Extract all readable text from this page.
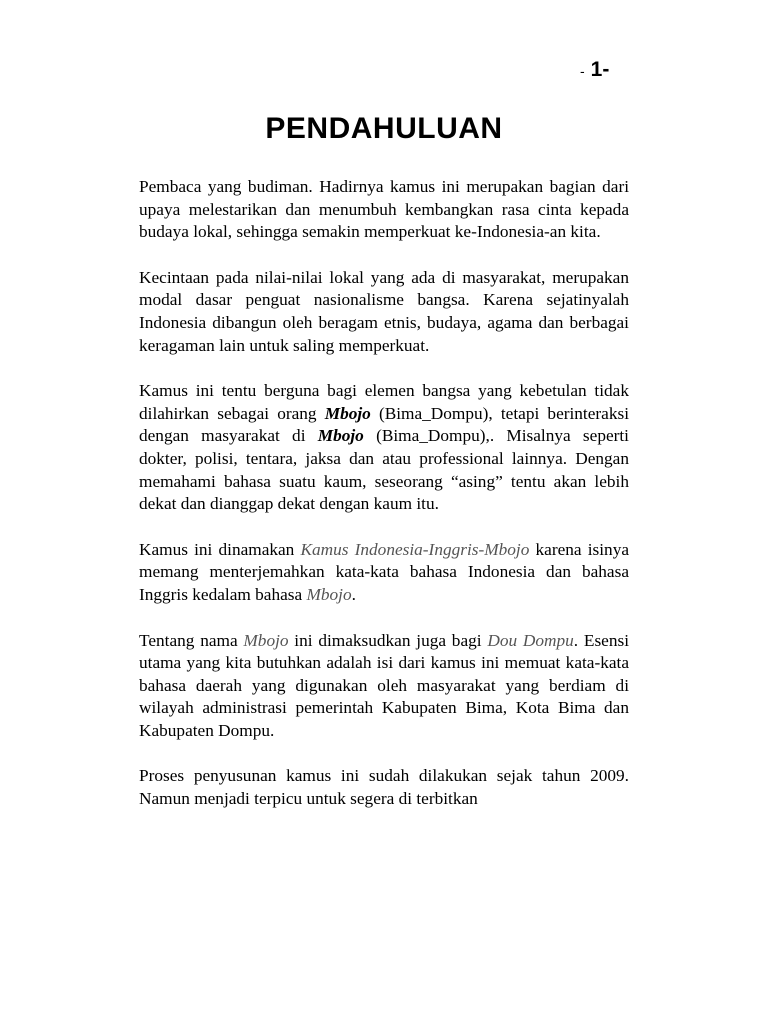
- 1-
PENDAHULUAN

Pembaca yang budiman. Hadirnya kamus ini merupakan bagian dari upaya melestarikan dan menumbuh kembangkan rasa cinta kepada budaya lokal, sehingga semakin memperkuat ke-Indonesia-an kita.

Kecintaan pada nilai-nilai lokal yang ada di masyarakat, merupakan modal dasar penguat nasionalisme bangsa. Karena sejatinyalah Indonesia dibangun oleh beragam etnis, budaya, agama dan berbagai keragaman lain untuk saling memperkuat.

Kamus ini tentu berguna bagi elemen bangsa yang kebetulan tidak dilahirkan sebagai orang Mbojo (Bima_Dompu), tetapi berinteraksi dengan masyarakat di Mbojo (Bima_Dompu),. Misalnya seperti dokter, polisi, tentara, jaksa dan atau professional lainnya. Dengan memahami bahasa suatu kaum, seseorang “asing” tentu akan lebih dekat dan dianggap dekat dengan kaum itu.

Kamus ini dinamakan Kamus Indonesia-Inggris-Mbojo karena isinya memang menterjemahkan kata-kata bahasa Indonesia dan bahasa Inggris kedalam bahasa Mbojo.

Tentang nama Mbojo ini dimaksudkan juga bagi Dou Dompu. Esensi utama yang kita butuhkan adalah isi dari kamus ini memuat kata-kata bahasa daerah yang digunakan oleh masyarakat yang berdiam di wilayah administrasi pemerintah Kabupaten Bima, Kota Bima dan Kabupaten Dompu.

Proses penyusunan kamus ini sudah dilakukan sejak tahun 2009. Namun menjadi terpicu untuk segera di terbitkan
